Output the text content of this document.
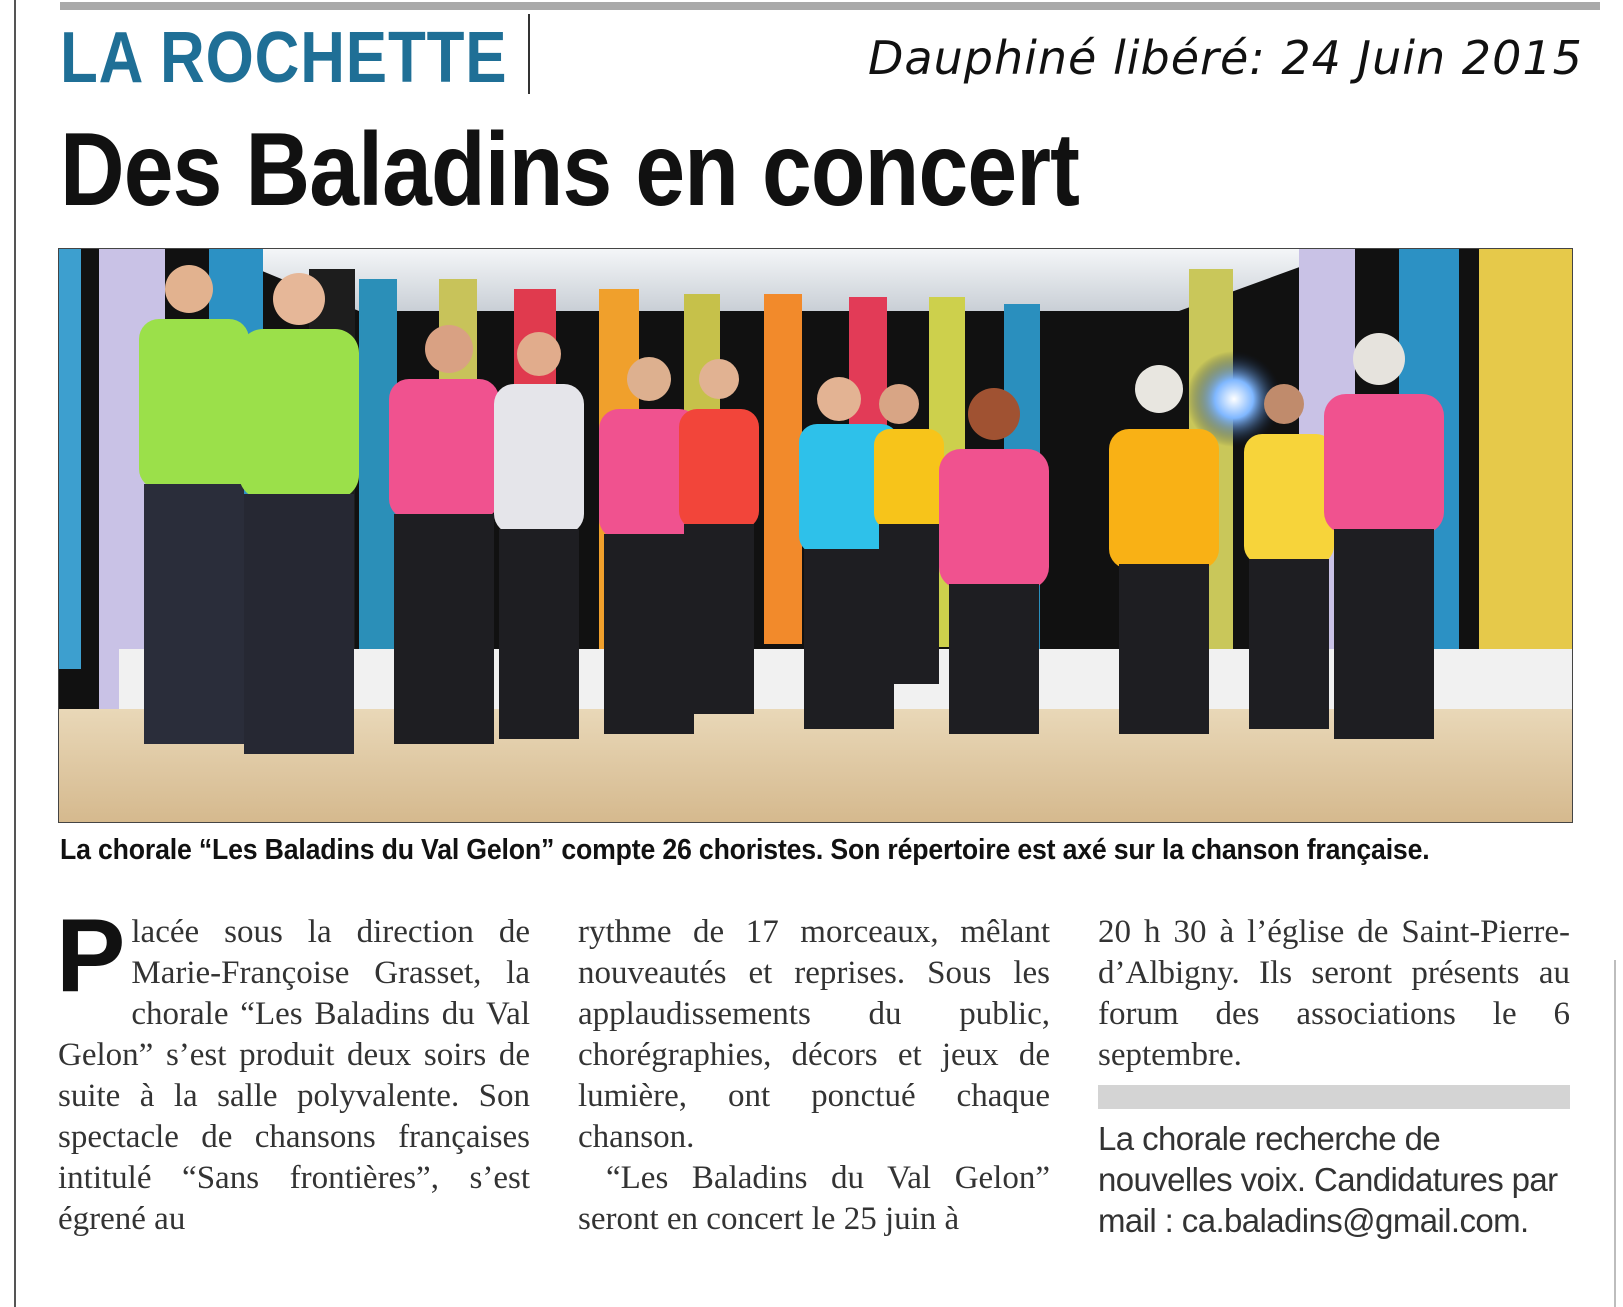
LA ROCHETTE	Dauphiné libéré: 24 Juin 2015
Des Baladins en concert
La chorale “Les Baladins du Val Gelon” compte 26 choristes. Son répertoire est axé sur la chanson française.

Placée sous la direction de Marie-Françoise Grasset, la chorale “Les Baladins du Val Gelon” s’est produit deux soirs de suite à la salle polyvalente. Son spectacle de chansons françaises intitulé “Sans frontières”, s’est égrené au

rythme de 17 morceaux, mêlant nouveautés et reprises. Sous les applaudissements du public, chorégraphies, décors et jeux de lumière, ont ponctué chaque chanson.

“Les Baladins du Val Gelon” seront en concert le 25 juin à

20 h 30 à l’église de Saint-Pierre-d’Albigny. Ils seront présents au forum des associations le 6 septembre.

La chorale recherche de nouvelles voix. Candidatures par mail : ca.baladins@gmail.com.
